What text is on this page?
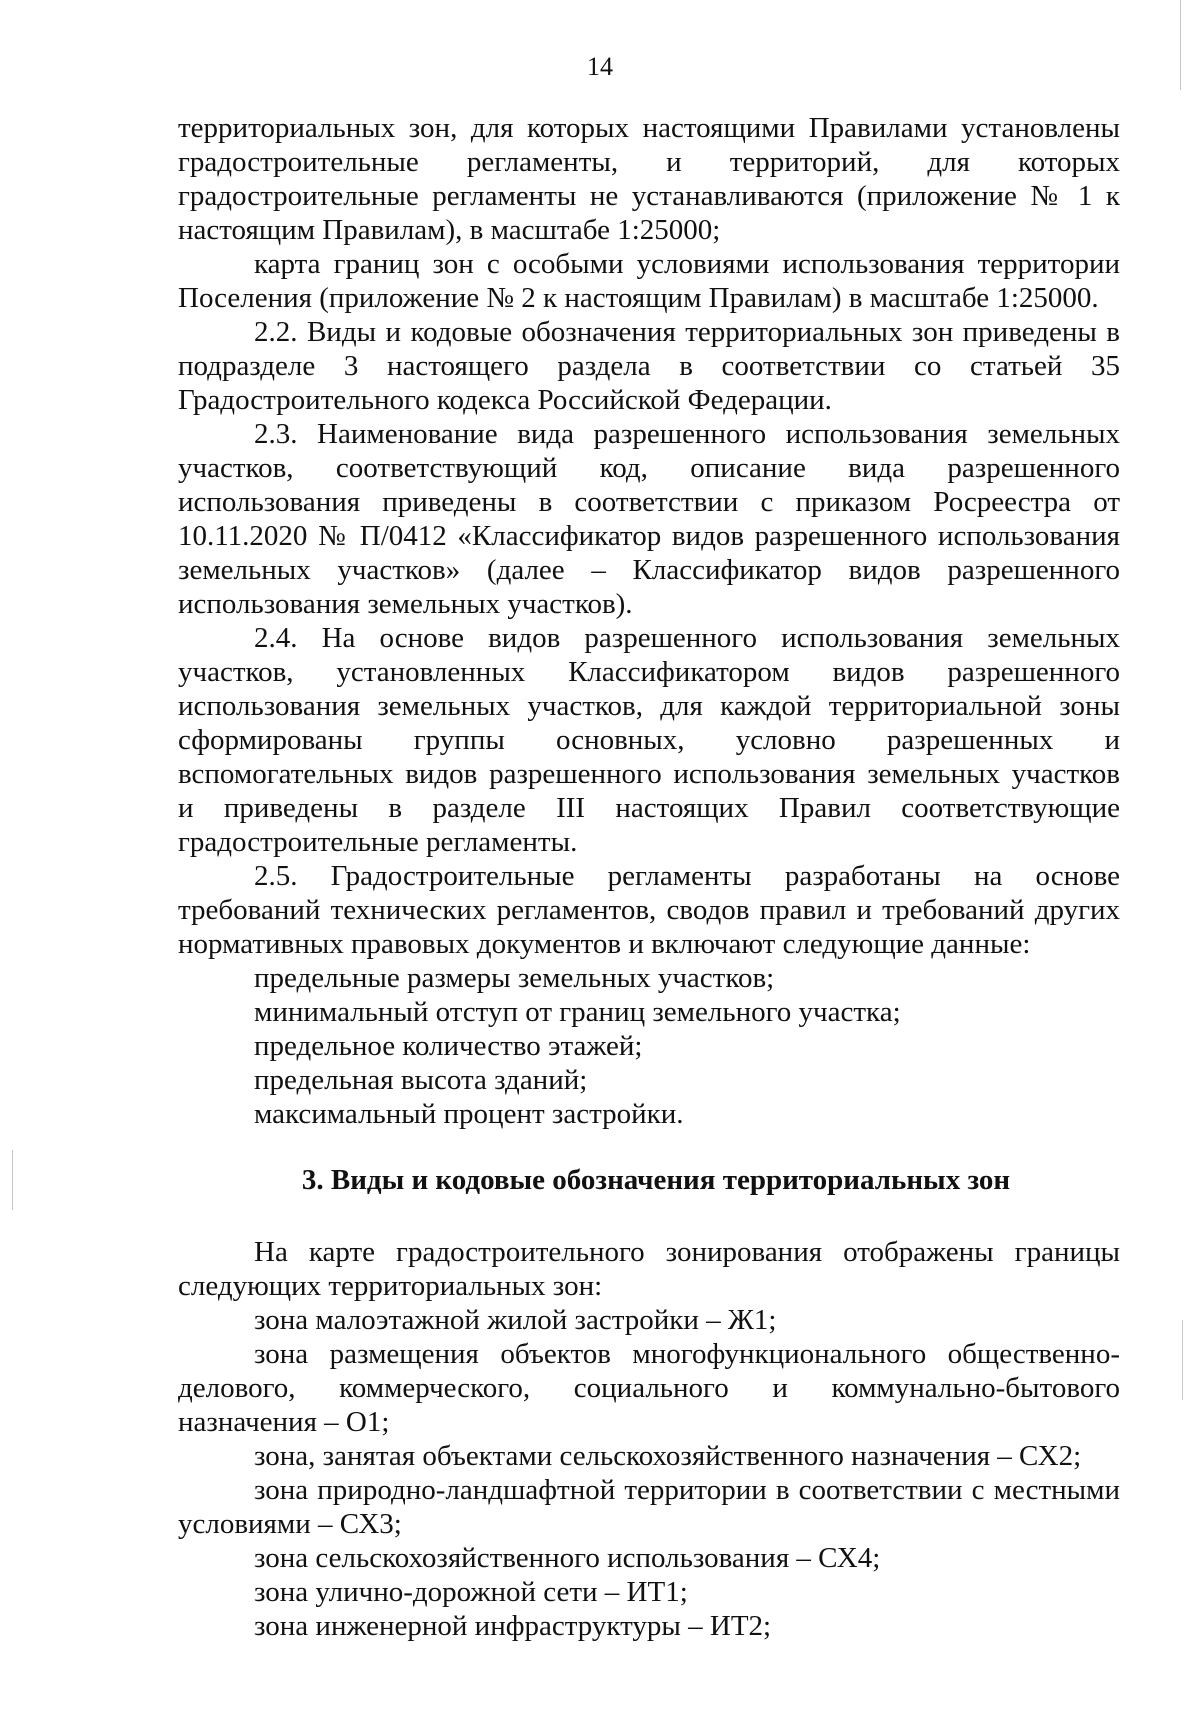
14

территориальных зон, для которых настоящими Правилами установлены градостроительные регламенты, и территорий, для которых градостроительные регламенты не устанавливаются (приложение № 1 к настоящим Правилам), в масштабе 1:25000;

карта границ зон с особыми условиями использования территории Поселения (приложение № 2 к настоящим Правилам) в масштабе 1:25000.

2.2. Виды и кодовые обозначения территориальных зон приведены в подразделе 3 настоящего раздела в соответствии со статьей 35 Градостроительного кодекса Российской Федерации.

2.3. Наименование вида разрешенного использования земельных участков, соответствующий код, описание вида разрешенного использования приведены в соответствии с приказом Росреестра от 10.11.2020 № П/0412 «Классификатор видов разрешенного использования земельных участков» (далее – Классификатор видов разрешенного использования земельных участков).

2.4. На основе видов разрешенного использования земельных участков, установленных Классификатором видов разрешенного использования земельных участков, для каждой территориальной зоны сформированы группы основных, условно разрешенных и вспомогательных видов разрешенного использования земельных участков и приведены в разделе III настоящих Правил соответствующие градостроительные регламенты.

2.5. Градостроительные регламенты разработаны на основе требований технических регламентов, сводов правил и требований других нормативных правовых документов и включают следующие данные:

предельные размеры земельных участков;

минимальный отступ от границ земельного участка;

предельное количество этажей;

предельная высота зданий;

максимальный процент застройки.

3. Виды и кодовые обозначения территориальных зон

На карте градостроительного зонирования отображены границы следующих территориальных зон:

зона малоэтажной жилой застройки – Ж1;

зона размещения объектов многофункционального общественно-делового, коммерческого, социального и коммунально-бытового назначения – О1;

зона, занятая объектами сельскохозяйственного назначения – СХ2;

зона природно-ландшафтной территории в соответствии с местными условиями – СХ3;

зона сельскохозяйственного использования – СХ4;

зона улично-дорожной сети – ИТ1;

зона инженерной инфраструктуры – ИТ2;
